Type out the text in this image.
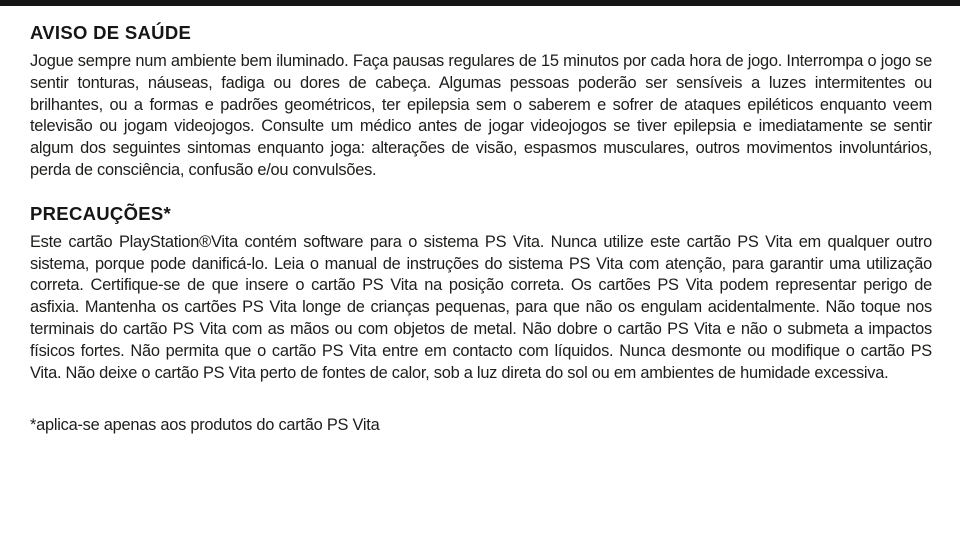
AVISO DE SAÚDE

Jogue sempre num ambiente bem iluminado. Faça pausas regulares de 15 minutos por cada hora de jogo. Interrompa o jogo se sentir tonturas, náuseas, fadiga ou dores de cabeça. Algumas pessoas poderão ser sensíveis a luzes intermitentes ou brilhantes, ou a formas e padrões geométricos, ter epilepsia sem o saberem e sofrer de ataques epiléticos enquanto veem televisão ou jogam videojogos. Consulte um médico antes de jogar videojogos se tiver epilepsia e imediatamente se sentir algum dos seguintes sintomas enquanto joga: alterações de visão, espasmos musculares, outros movimentos involuntários, perda de consciência, confusão e/ou convulsões.

PRECAUÇÕES*

Este cartão PlayStation®Vita contém software para o sistema PS Vita. Nunca utilize este cartão PS Vita em qualquer outro sistema, porque pode danificá-lo. Leia o manual de instruções do sistema PS Vita com atenção, para garantir uma utilização correta. Certifique-se de que insere o cartão PS Vita na posição correta. Os cartões PS Vita podem representar perigo de asfixia. Mantenha os cartões PS Vita longe de crianças pequenas, para que não os engulam acidentalmente. Não toque nos terminais do cartão PS Vita com as mãos ou com objetos de metal. Não dobre o cartão PS Vita e não o submeta a impactos físicos fortes. Não permita que o cartão PS Vita entre em contacto com líquidos. Nunca desmonte ou modifique o cartão PS Vita. Não deixe o cartão PS Vita perto de fontes de calor, sob a luz direta do sol ou em ambientes de humidade excessiva.

*aplica-se apenas aos produtos do cartão PS Vita
